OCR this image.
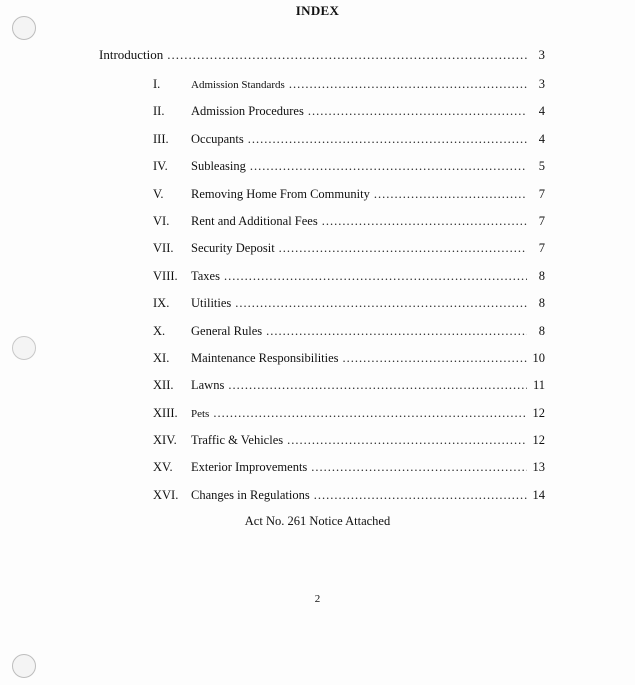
INDEX
Introduction .....	3
I.	Admission Standards .....	3
II.	Admission Procedures .....	4
III.	Occupants .....	4
IV.	Subleasing .....	5
V.	Removing Home From Community .....	7
VI.	Rent and Additional Fees .....	7
VII.	Security Deposit .....	7
VIII.	Taxes .....	8
IX.	Utilities .....	8
X.	General Rules .....	8
XI.	Maintenance Responsibilities .....	10
XII.	Lawns .....	11
XIII.	Pets .....	12
XIV.	Traffic & Vehicles .....	12
XV.	Exterior Improvements .....	13
XVI.	Changes in Regulations .....	14
Act No. 261 Notice Attached
2
